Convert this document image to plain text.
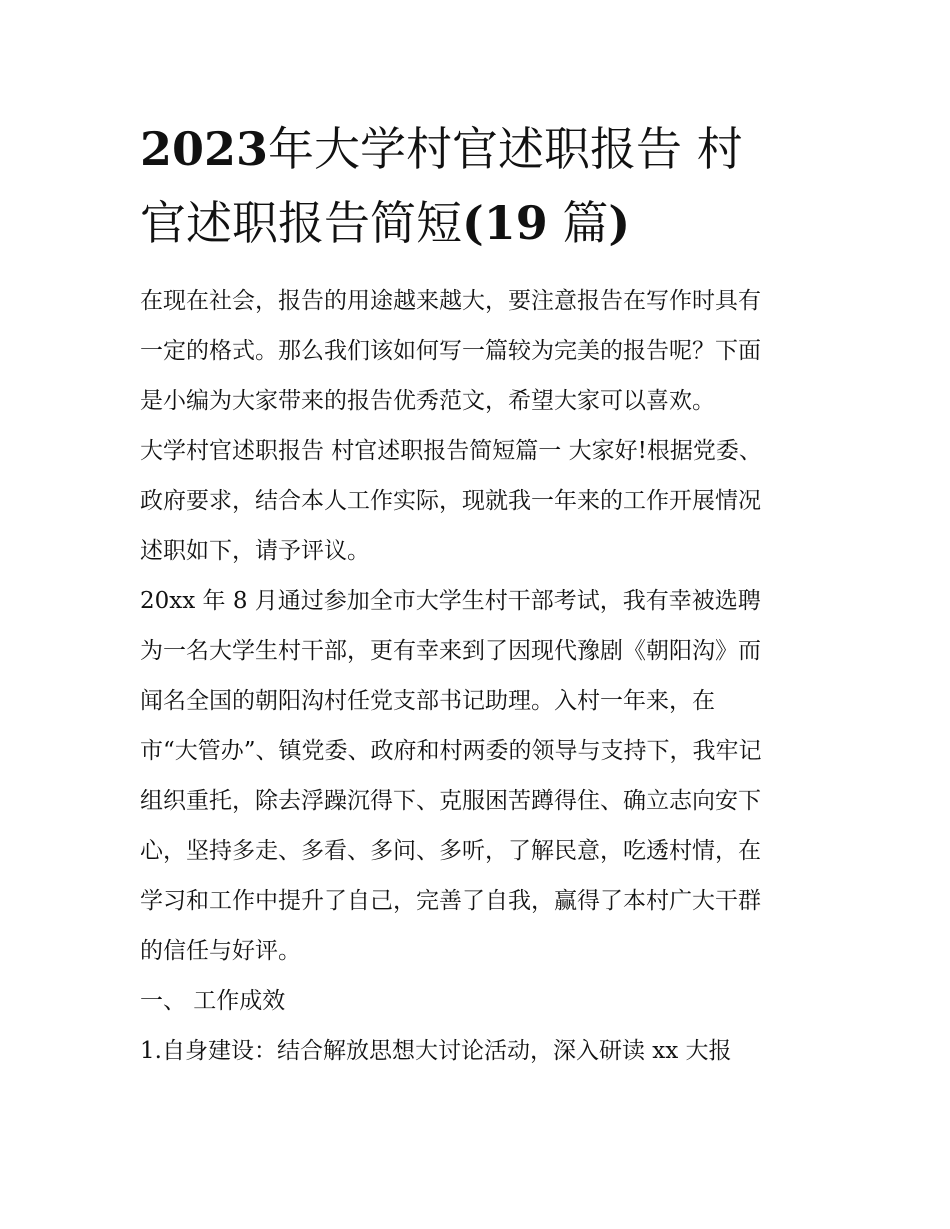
2023年大学村官述职报告 村
官述职报告简短(19 篇)
在现在社会，报告的用途越来越大，要注意报告在写作时具有
一定的格式。那么我们该如何写一篇较为完美的报告呢？下面
是小编为大家带来的报告优秀范文，希望大家可以喜欢。
大学村官述职报告 村官述职报告简短篇一 大家好!根据党委、
政府要求，结合本人工作实际，现就我一年来的工作开展情况
述职如下，请予评议。
20xx 年 8 月通过参加全市大学生村干部考试，我有幸被选聘
为一名大学生村干部，更有幸来到了因现代豫剧《朝阳沟》而
闻名全国的朝阳沟村任党支部书记助理。入村一年来，在
市“大管办”、镇党委、政府和村两委的领导与支持下，我牢记
组织重托，除去浮躁沉得下、克服困苦蹲得住、确立志向安下
心，坚持多走、多看、多问、多听，了解民意，吃透村情，在
学习和工作中提升了自己，完善了自我，赢得了本村广大干群
的信任与好评。
一、 工作成效
1.自身建设：结合解放思想大讨论活动，深入研读 xx 大报
